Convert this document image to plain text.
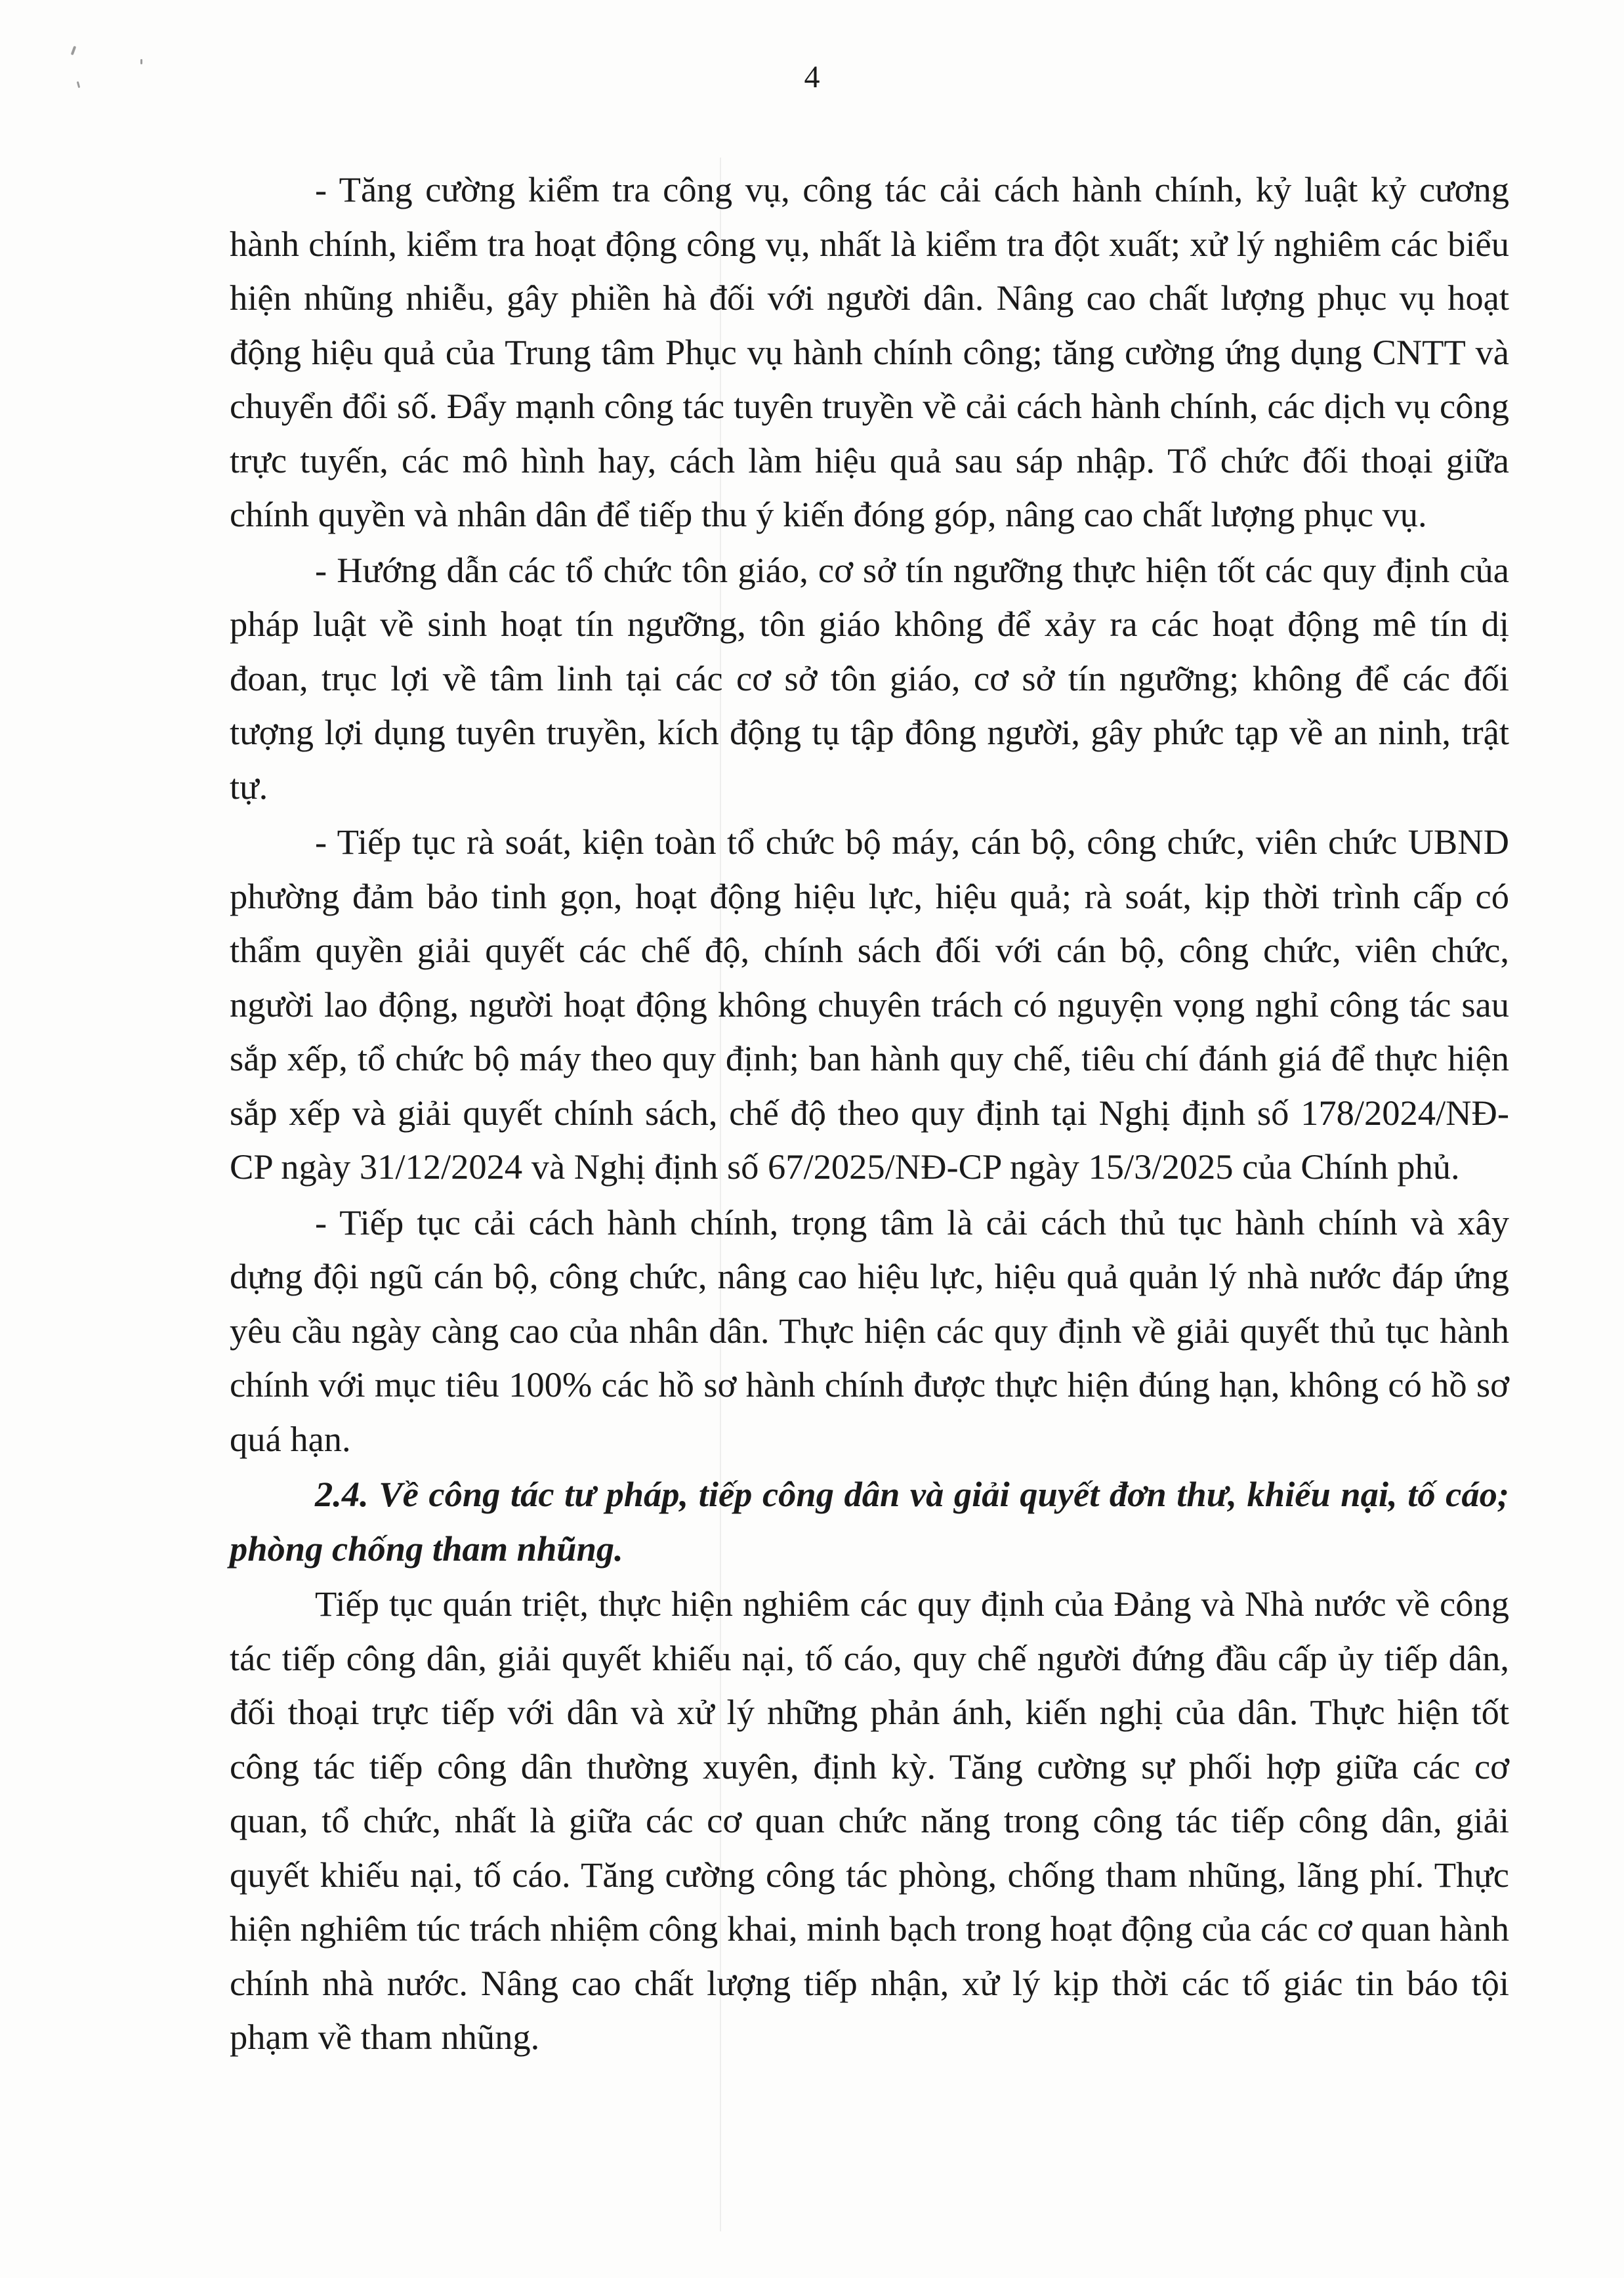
4

- Tăng cường kiểm tra công vụ, công tác cải cách hành chính, kỷ luật kỷ cương hành chính, kiểm tra hoạt động công vụ, nhất là kiểm tra đột xuất; xử lý nghiêm các biểu hiện nhũng nhiễu, gây phiền hà đối với người dân. Nâng cao chất lượng phục vụ hoạt động hiệu quả của Trung tâm Phục vụ hành chính công; tăng cường ứng dụng CNTT và chuyển đổi số. Đẩy mạnh công tác tuyên truyền về cải cách hành chính, các dịch vụ công trực tuyến, các mô hình hay, cách làm hiệu quả sau sáp nhập. Tổ chức đối thoại giữa chính quyền và nhân dân để tiếp thu ý kiến đóng góp, nâng cao chất lượng phục vụ.

- Hướng dẫn các tổ chức tôn giáo, cơ sở tín ngưỡng thực hiện tốt các quy định của pháp luật về sinh hoạt tín ngưỡng, tôn giáo không để xảy ra các hoạt động mê tín dị đoan, trục lợi về tâm linh tại các cơ sở tôn giáo, cơ sở tín ngưỡng; không để các đối tượng lợi dụng tuyên truyền, kích động tụ tập đông người, gây phức tạp về an ninh, trật tự.

- Tiếp tục rà soát, kiện toàn tổ chức bộ máy, cán bộ, công chức, viên chức UBND phường đảm bảo tinh gọn, hoạt động hiệu lực, hiệu quả; rà soát, kịp thời trình cấp có thẩm quyền giải quyết các chế độ, chính sách đối với cán bộ, công chức, viên chức, người lao động, người hoạt động không chuyên trách có nguyện vọng nghỉ công tác sau sắp xếp, tổ chức bộ máy theo quy định; ban hành quy chế, tiêu chí đánh giá để thực hiện sắp xếp và giải quyết chính sách, chế độ theo quy định tại Nghị định số 178/2024/NĐ-CP ngày 31/12/2024 và Nghị định số 67/2025/NĐ-CP ngày 15/3/2025 của Chính phủ.

- Tiếp tục cải cách hành chính, trọng tâm là cải cách thủ tục hành chính và xây dựng đội ngũ cán bộ, công chức, nâng cao hiệu lực, hiệu quả quản lý nhà nước đáp ứng yêu cầu ngày càng cao của nhân dân. Thực hiện các quy định về giải quyết thủ tục hành chính với mục tiêu 100% các hồ sơ hành chính được thực hiện đúng hạn, không có hồ sơ quá hạn.

2.4. Về công tác tư pháp, tiếp công dân và giải quyết đơn thư, khiếu nại, tố cáo; phòng chống tham nhũng.

Tiếp tục quán triệt, thực hiện nghiêm các quy định của Đảng và Nhà nước về công tác tiếp công dân, giải quyết khiếu nại, tố cáo, quy chế người đứng đầu cấp ủy tiếp dân, đối thoại trực tiếp với dân và xử lý những phản ánh, kiến nghị của dân. Thực hiện tốt công tác tiếp công dân thường xuyên, định kỳ. Tăng cường sự phối hợp giữa các cơ quan, tổ chức, nhất là giữa các cơ quan chức năng trong công tác tiếp công dân, giải quyết khiếu nại, tố cáo. Tăng cường công tác phòng, chống tham nhũng, lãng phí. Thực hiện nghiêm túc trách nhiệm công khai, minh bạch trong hoạt động của các cơ quan hành chính nhà nước. Nâng cao chất lượng tiếp nhận, xử lý kịp thời các tố giác tin báo tội phạm về tham nhũng.
